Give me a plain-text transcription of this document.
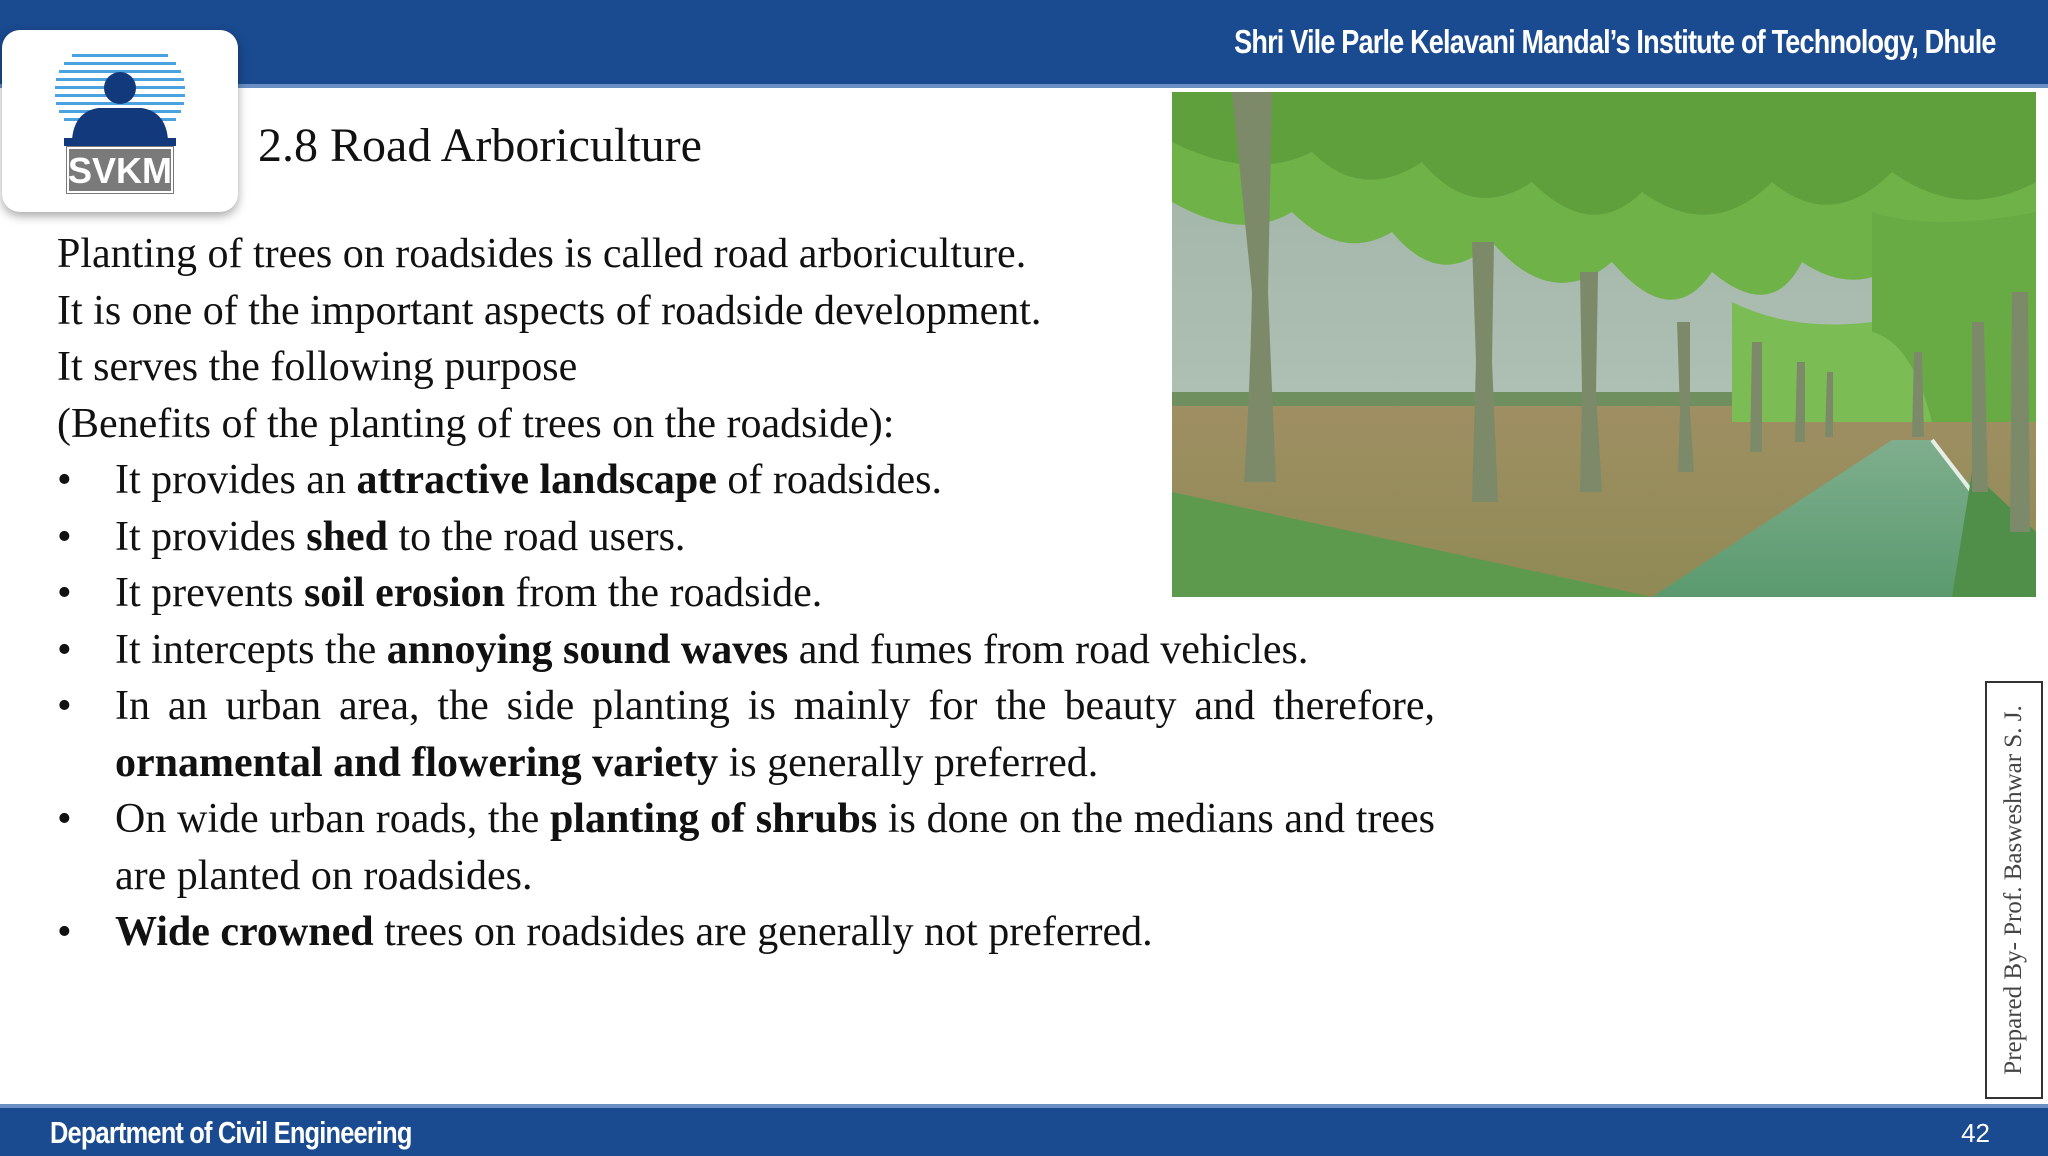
Shri Vile Parle Kelavani Mandal’s Institute of Technology, Dhule
SVKM 2.8 Road Arboriculture
Planting of trees on roadsides is called road arboriculture.
It is one of the important aspects of roadside development.
It serves the following purpose
(Benefits of the planting of trees on the roadside):
• It provides an attractive landscape of roadsides.
• It provides shed to the road users.
• It prevents soil erosion from the roadside.
• It intercepts the annoying sound waves and fumes from road vehicles.
• In an urban area, the side planting is mainly for the beauty and therefore, ornamental and flowering variety is generally preferred.
• On wide urban roads, the planting of shrubs is done on the medians and trees are planted on roadsides.
• Wide crowned trees on roadsides are generally not preferred.	Prepared By- Prof. Basweshwar S. J.
Department of Civil Engineering	42
